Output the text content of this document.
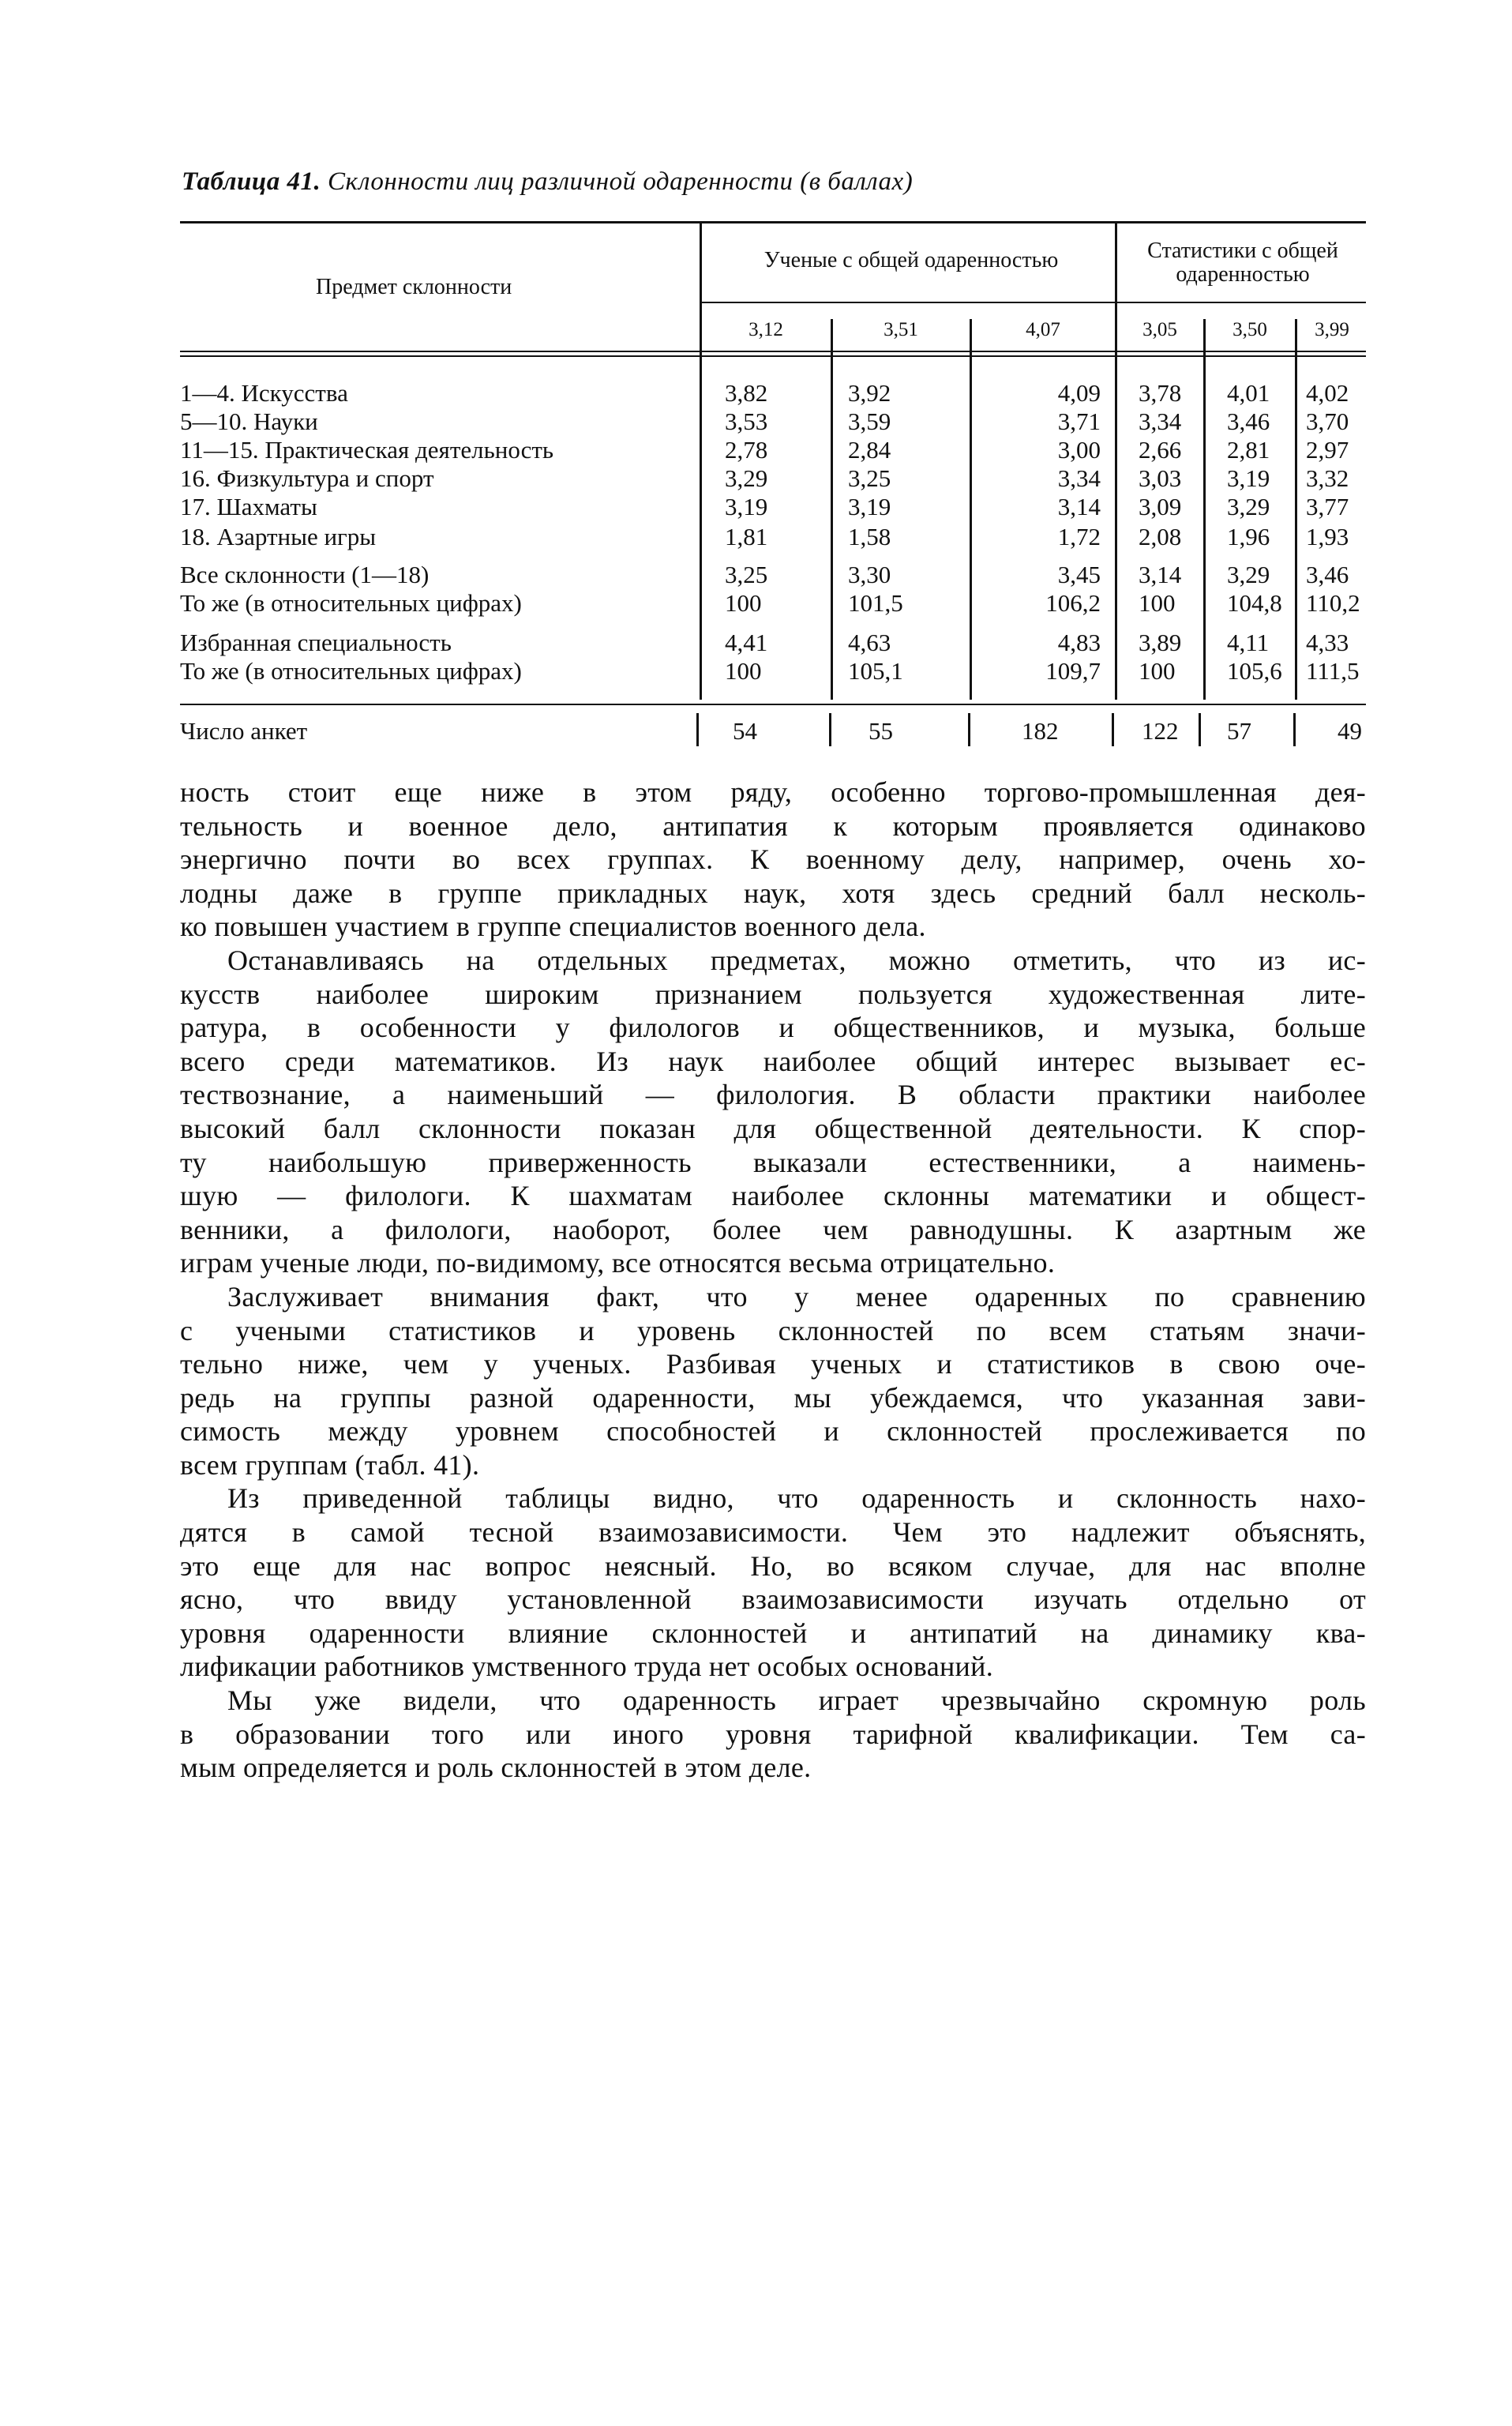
Таблица 41. Склонности лиц различной одаренности (в баллах)
Предмет склонности
Ученые с общей одаренностью	Статистики с общей
одаренностью
3,12	3,51	4,07	3,05	3,50	3,99
1—4. Искусства	3,82	3,92	4,09 3,78 4,01 4,02
5—10. Науки	3,53	3,59	3,71 3,34 3,46 3,70
11—15. Практическая деятельность	2,78	2,84	3,00 2,66 2,81 2,97
16. Физкультура и спорт	3,29	3,25	3,34 3,03 3,19 3,32
17. Шахматы	3,19	3,19	3,14 3,09 3,29 3,77
18. Азартные игры	1,81	1,58	1,72 2,08 1,96 1,93
Все склонности (1—18)	3,25	3,30	3,45 3,14 3,29 3,46
То же (в относительных цифрах)	100	101,5	106,2 100 104,8 110,2
Избранная специальность	4,41	4,63	4,83 3,89 4,11 4,33
То же (в относительных цифрах)	100	105,1	109,7 100 105,6 111,5
Число анкет	54	55	182	122 57	49

ность стоит еще ниже в этом ряду, особенно торгово-промышленная дея-

тельность и военное дело, антипатия к которым проявляется одинаково

энергично почти во всех группах. К военному делу, например, очень хо-

лодны даже в группе прикладных наук, хотя здесь средний балл несколь-

ко повышен участием в группе специалистов военного дела.

Останавливаясь на отдельных предметах, можно отметить, что из ис-

кусств наиболее широким признанием пользуется художественная лите-

ратура, в особенности у филологов и общественников, и музыка, больше

всего среди математиков. Из наук наиболее общий интерес вызывает ес-

тествознание, а наименьший — филология. В области практики наиболее

высокий балл склонности показан для общественной деятельности. К спор-

ту наибольшую приверженность выказали естественники, а наимень-

шую — филологи. К шахматам наиболее склонны математики и общест-

венники, а филологи, наоборот, более чем равнодушны. К азартным же

играм ученые люди, по-видимому, все относятся весьма отрицательно.

Заслуживает внимания факт, что у менее одаренных по сравнению

с учеными статистиков и уровень склонностей по всем статьям значи-

тельно ниже, чем у ученых. Разбивая ученых и статистиков в свою оче-

редь на группы разной одаренности, мы убеждаемся, что указанная зави-

симость между уровнем способностей и склонностей прослеживается по

всем группам (табл. 41).

Из приведенной таблицы видно, что одаренность и склонность нахо-

дятся в самой тесной взаимозависимости. Чем это надлежит объяснять,

это еще для нас вопрос неясный. Но, во всяком случае, для нас вполне

ясно, что ввиду установленной взаимозависимости изучать отдельно от

уровня одаренности влияние склонностей и антипатий на динамику ква-

лификации работников умственного труда нет особых оснований.

Мы уже видели, что одаренность играет чрезвычайно скромную роль

в образовании того или иного уровня тарифной квалификации. Тем са-

мым определяется и роль склонностей в этом деле.
